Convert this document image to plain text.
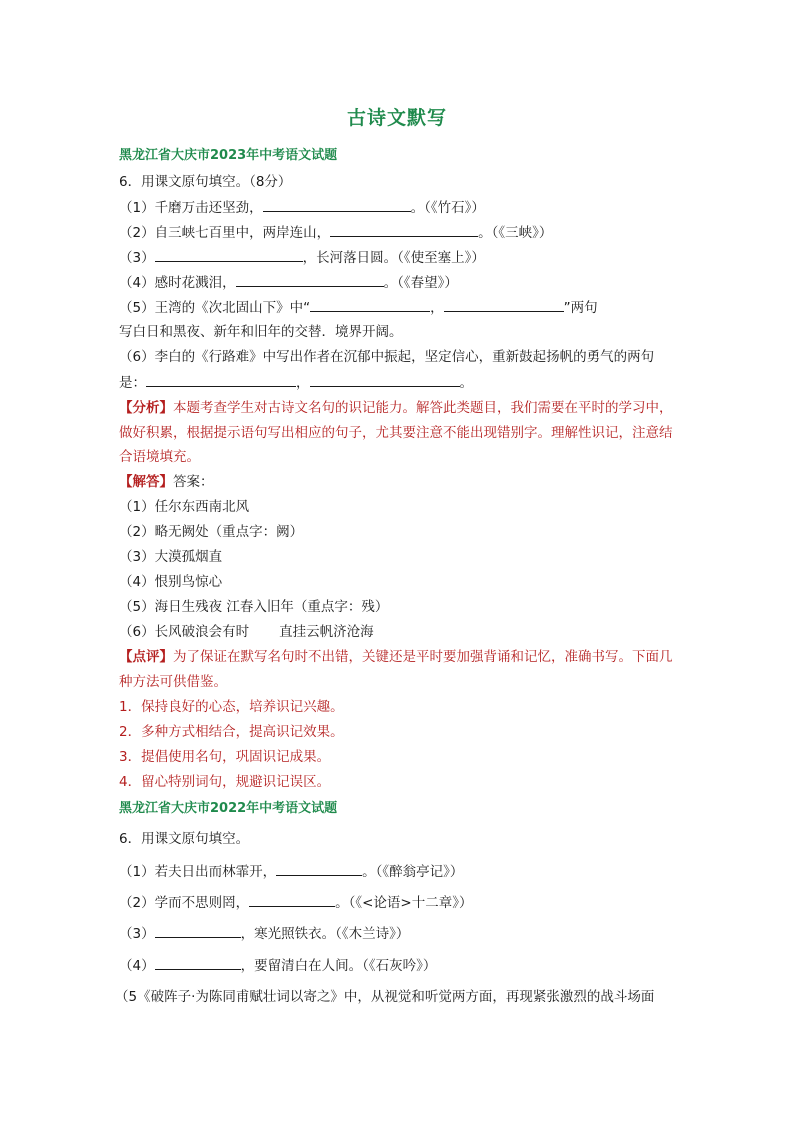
古诗文默写
黑龙江省大庆市2023年中考语文试题
6．用课文原句填空。（8分）
（1）千磨万击还坚劲，	。（《竹石》）
（2）自三峡七百里中，两岸连山，	。（《三峡》）
（3）	，长河落日圆。（《使至塞上》）
（4）感时花溅泪，	。（《春望》）
（5）王湾的《次北固山下》中“	，	”两句
写白日和黑夜、新年和旧年的交替．境界开阔。
（6）李白的《行路难》中写出作者在沉郁中振起，坚定信心，重新鼓起扬帆的勇气的两句
是：	，	。
【分析】本题考查学生对古诗文名句的识记能力。解答此类题目，我们需要在平时的学习中，做好积累，根据提示语句写出相应的句子，尤其要注意不能出现错别字。理解性识记，注意结合语境填充。
【解答】答案：
（1）任尔东西南北风
（2）略无阙处（重点字：阙）
（3）大漠孤烟直
（4）恨别鸟惊心
（5）海日生残夜 江春入旧年（重点字：残）
（6）长风破浪会有时 直挂云帆济沧海
【点评】为了保证在默写名句时不出错，关键还是平时要加强背诵和记忆，准确书写。下面几种方法可供借鉴。
1．保持良好的心态，培养识记兴趣。
2．多种方式相结合，提高识记效果。
3．提倡使用名句，巩固识记成果。
4．留心特别词句，规避识记误区。
黑龙江省大庆市2022年中考语文试题
6．用课文原句填空。
（1）若夫日出而林霏开，	。（《醉翁亭记》）
（2）学而不思则罔，	。（《<论语>十二章》）
（3）	，寒光照铁衣。（《木兰诗》）
（4）	，要留清白在人间。（《石灰吟》）
（5《破阵子·为陈同甫赋壮词以寄之》中，从视觉和听觉两方面，再现紧张激烈的战斗场面
